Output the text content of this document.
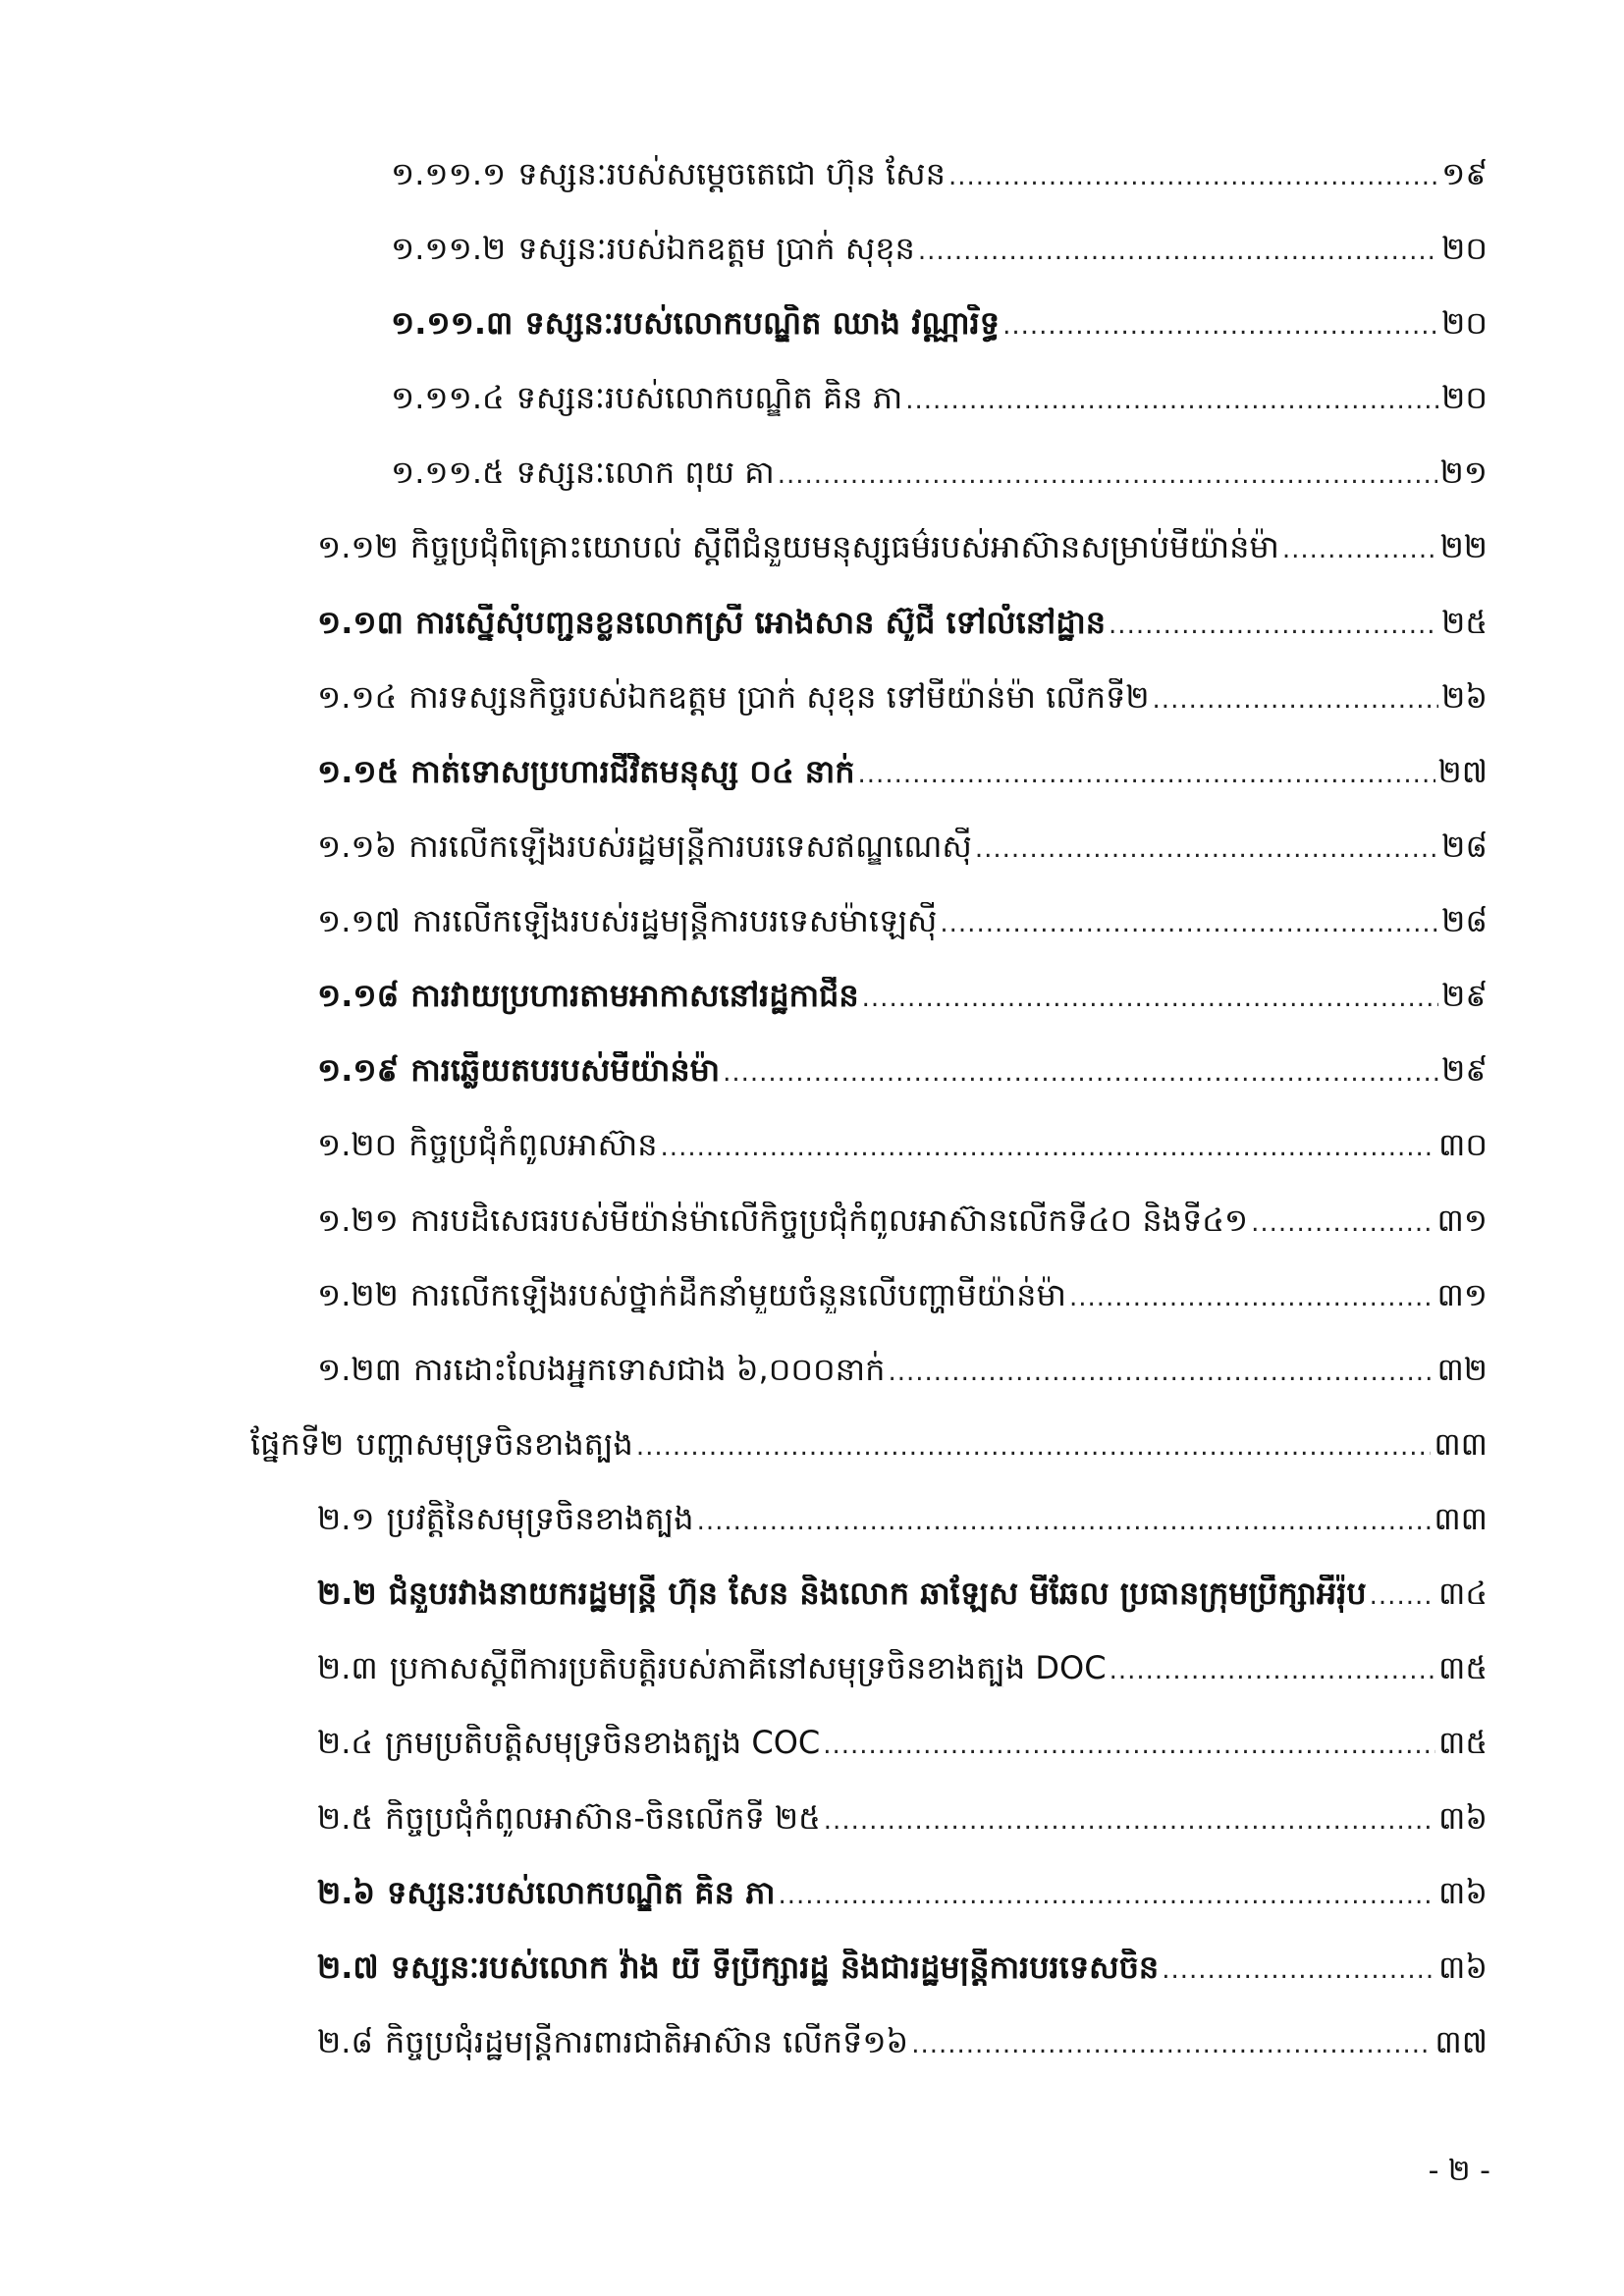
១.១១.១ ទស្សនៈរបស់សម្តេចតេជោ ហ៊ុន សែន .....	១៩
១.១១.២ ទស្សនៈរបស់ឯកឧត្តម ប្រាក់ សុខុន .....	២០
១.១១.៣ ទស្សនៈរបស់លោកបណ្ឌិត ឈាង វណ្ណារិទ្ធ .....	២០
១.១១.៤ ទស្សនៈរបស់លោកបណ្ឌិត គិន ភា .....	២០
១.១១.៥ ទស្សនៈលោក ពុយ គា .....	២១
១.១២ កិច្ចប្រជុំពិគ្រោះយោបល់ ស្តីពីជំនួយមនុស្សធម៌របស់អាស៊ានសម្រាប់មីយ៉ាន់ម៉ា .....	២២
១.១៣ ការស្នើសុំបញ្ជូនខ្លួនលោកស្រី អោងសាន ស៊ូជី ទៅលំនៅដ្ឋាន .....	២៥
១.១៤ ការទស្សនកិច្ចរបស់ឯកឧត្តម ប្រាក់ សុខុន ទៅមីយ៉ាន់ម៉ា លើកទី២ .....	២៦
១.១៥ កាត់ទោសប្រហារជីវិតមនុស្ស ០៤ នាក់ .....	២៧
១.១៦ ការលើកឡើងរបស់រដ្ឋមន្ត្រីការបរទេសឥណ្ឌូណេស៊ី .....	២៨
១.១៧ ការលើកឡើងរបស់រដ្ឋមន្ត្រីការបរទេសម៉ាឡេស៊ី .....	២៨
១.១៨ ការវាយប្រហារតាមអាកាសនៅរដ្ឋកាជីន .....	២៩
១.១៩ ការឆ្លើយតបរបស់មីយ៉ាន់ម៉ា .....	២៩
១.២០ កិច្ចប្រជុំកំពូលអាស៊ាន .....	៣០
១.២១ ការបដិសេធរបស់មីយ៉ាន់ម៉ាលើកិច្ចប្រជុំកំពូលអាស៊ានលើកទី៤០ និងទី៤១ .....	៣១
១.២២ ការលើកឡើងរបស់ថ្នាក់ដឹកនាំមួយចំនួនលើបញ្ហាមីយ៉ាន់ម៉ា .....	៣១
១.២៣ ការដោះលែងអ្នកទោសជាង ៦,០០០នាក់ .....	៣២
ផ្នែកទី២ បញ្ហាសមុទ្រចិនខាងត្បូង .....	៣៣
២.១ ប្រវត្តិនៃសមុទ្រចិនខាងត្បូង .....	៣៣
២.២ ជំនួបរវាងនាយករដ្ឋមន្ត្រី ហ៊ុន សែន និងលោក ឆាឡែស មីឆែល ប្រធានក្រុមប្រឹក្សាអឺរ៉ុប ..... ៣៤
២.៣ ប្រកាសស្តីពីការប្រតិបត្តិរបស់ភាគីនៅសមុទ្រចិនខាងត្បូង DOC .....	៣៥
២.៤ ក្រមប្រតិបត្តិសមុទ្រចិនខាងត្បូង COC .....	៣៥
២.៥ កិច្ចប្រជុំកំពូលអាស៊ាន-ចិនលើកទី ២៥ .....	៣៦
២.៦ ទស្សនៈរបស់លោកបណ្ឌិត គិន ភា .....	៣៦
២.៧ ទស្សនៈរបស់លោក វ៉ាង យី ទីប្រឹក្សារដ្ឋ និងជារដ្ឋមន្ត្រីការបរទេសចិន .....	៣៦
២.៨ កិច្ចប្រជុំរដ្ឋមន្ត្រីការពារជាតិអាស៊ាន លើកទី១៦ .....	៣៧
- ២ -
